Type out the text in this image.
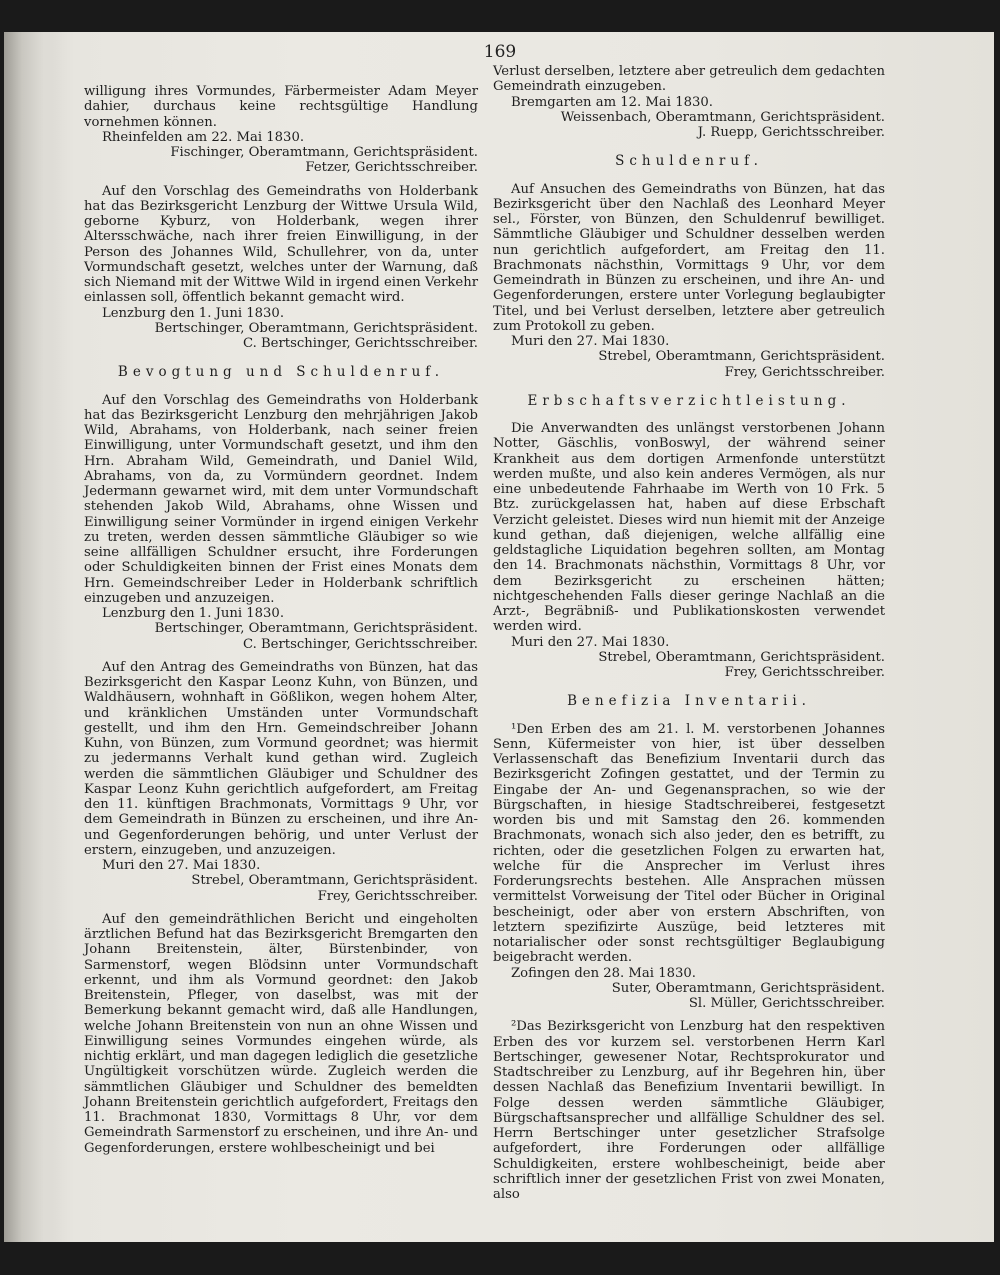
169

willigung ihres Vormundes, Färbermeister Adam Meyer dahier, durchaus keine rechtsgültige Handlung vornehmen können.

Rheinfelden am 22. Mai 1830.

Fischinger, Oberamtmann, Gerichtspräsident.

Fetzer, Gerichtsschreiber.

Auf den Vorschlag des Gemeindraths von Holderbank hat das Bezirksgericht Lenzburg der Wittwe Ursula Wild, geborne Kyburz, von Holderbank, wegen ihrer Altersschwäche, nach ihrer freien Einwilligung, in der Person des Johannes Wild, Schullehrer, von da, unter Vormundschaft gesetzt, welches unter der Warnung, daß sich Niemand mit der Wittwe Wild in irgend einen Verkehr einlassen soll, öffentlich bekannt gemacht wird.

Lenzburg den 1. Juni 1830.

Bertschinger, Oberamtmann, Gerichtspräsident.

C. Bertschinger, Gerichtsschreiber.

Bevogtung und Schuldenruf.

Auf den Vorschlag des Gemeindraths von Holderbank hat das Bezirksgericht Lenzburg den mehrjährigen Jakob Wild, Abrahams, von Holderbank, nach seiner freien Einwilligung, unter Vormundschaft gesetzt, und ihm den Hrn. Abraham Wild, Gemeindrath, und Daniel Wild, Abrahams, von da, zu Vormündern geordnet. Indem Jedermann gewarnet wird, mit dem unter Vormundschaft stehenden Jakob Wild, Abrahams, ohne Wissen und Einwilligung seiner Vormünder in irgend einigen Verkehr zu treten, werden dessen sämmtliche Gläubiger so wie seine allfälligen Schuldner ersucht, ihre Forderungen oder Schuldigkeiten binnen der Frist eines Monats dem Hrn. Gemeindschreiber Leder in Holderbank schriftlich einzugeben und anzuzeigen.

Lenzburg den 1. Juni 1830.

Bertschinger, Oberamtmann, Gerichtspräsident.

C. Bertschinger, Gerichtsschreiber.

Auf den Antrag des Gemeindraths von Bünzen, hat das Bezirksgericht den Kaspar Leonz Kuhn, von Bünzen, und Waldhäusern, wohnhaft in Gößlikon, wegen hohem Alter, und kränklichen Umständen unter Vormundschaft gestellt, und ihm den Hrn. Gemeindschreiber Johann Kuhn, von Bünzen, zum Vormund geordnet; was hiermit zu jedermanns Verhalt kund gethan wird. Zugleich werden die sämmtlichen Gläubiger und Schuldner des Kaspar Leonz Kuhn gerichtlich aufgefordert, am Freitag den 11. künftigen Brachmonats, Vormittags 9 Uhr, vor dem Gemeindrath in Bünzen zu erscheinen, und ihre An- und Gegenforderungen behörig, und unter Verlust der erstern, einzugeben, und anzuzeigen.

Muri den 27. Mai 1830.

Strebel, Oberamtmann, Gerichtspräsident.

Frey, Gerichtsschreiber.

Auf den gemeindräthlichen Bericht und eingeholten ärztlichen Befund hat das Bezirksgericht Bremgarten den Johann Breitenstein, älter, Bürstenbinder, von Sarmenstorf, wegen Blödsinn unter Vormundschaft erkennt, und ihm als Vormund geordnet: den Jakob Breitenstein, Pfleger, von daselbst, was mit der Bemerkung bekannt gemacht wird, daß alle Handlungen, welche Johann Breitenstein von nun an ohne Wissen und Einwilligung seines Vormundes eingehen würde, als nichtig erklärt, und man dagegen lediglich die gesetzliche Ungültigkeit vorschützen würde. Zugleich werden die sämmtlichen Gläubiger und Schuldner des bemeldten Johann Breitenstein gerichtlich aufgefordert, Freitags den 11. Brachmonat 1830, Vormittags 8 Uhr, vor dem Gemeindrath Sarmenstorf zu erscheinen, und ihre An- und Gegenforderungen, erstere wohlbescheinigt und bei

Verlust derselben, letztere aber getreulich dem gedachten Gemeindrath einzugeben.

Bremgarten am 12. Mai 1830.

Weissenbach, Oberamtmann, Gerichtspräsident.

J. Ruepp, Gerichtsschreiber.

Schuldenruf.

Auf Ansuchen des Gemeindraths von Bünzen, hat das Bezirksgericht über den Nachlaß des Leonhard Meyer sel., Förster, von Bünzen, den Schuldenruf bewilliget. Sämmtliche Gläubiger und Schuldner desselben werden nun gerichtlich aufgefordert, am Freitag den 11. Brachmonats nächsthin, Vormittags 9 Uhr, vor dem Gemeindrath in Bünzen zu erscheinen, und ihre An- und Gegenforderungen, erstere unter Vorlegung beglaubigter Titel, und bei Verlust derselben, letztere aber getreulich zum Protokoll zu geben.

Muri den 27. Mai 1830.

Strebel, Oberamtmann, Gerichtspräsident.

Frey, Gerichtsschreiber.

Erbschaftsverzichtleistung.

Die Anverwandten des unlängst verstorbenen Johann Notter, Gäschlis, vonBoswyl, der während seiner Krankheit aus dem dortigen Armenfonde unterstützt werden mußte, und also kein anderes Vermögen, als nur eine unbedeutende Fahrhaabe im Werth von 10 Frk. 5 Btz. zurückgelassen hat, haben auf diese Erbschaft Verzicht geleistet. Dieses wird nun hiemit mit der Anzeige kund gethan, daß diejenigen, welche allfällig eine geldstagliche Liquidation begehren sollten, am Montag den 14. Brachmonats nächsthin, Vormittags 8 Uhr, vor dem Bezirksgericht zu erscheinen hätten; nichtgeschehenden Falls dieser geringe Nachlaß an die Arzt-, Begräbniß- und Publikationskosten verwendet werden wird.

Muri den 27. Mai 1830.

Strebel, Oberamtmann, Gerichtspräsident.

Frey, Gerichtsschreiber.

Benefizia Inventarii.

¹Den Erben des am 21. l. M. verstorbenen Johannes Senn, Küfermeister von hier, ist über desselben Verlassenschaft das Benefizium Inventarii durch das Bezirksgericht Zofingen gestattet, und der Termin zu Eingabe der An- und Gegenansprachen, so wie der Bürgschaften, in hiesige Stadtschreiberei, festgesetzt worden bis und mit Samstag den 26. kommenden Brachmonats, wonach sich also jeder, den es betrifft, zu richten, oder die gesetzlichen Folgen zu erwarten hat, welche für die Ansprecher im Verlust ihres Forderungsrechts bestehen. Alle Ansprachen müssen vermittelst Vorweisung der Titel oder Bücher in Original bescheinigt, oder aber von erstern Abschriften, von letztern spezifizirte Auszüge, beid letzteres mit notarialischer oder sonst rechtsgültiger Beglaubigung beigebracht werden.

Zofingen den 28. Mai 1830.

Suter, Oberamtmann, Gerichtspräsident.

Sl. Müller, Gerichtsschreiber.

²Das Bezirksgericht von Lenzburg hat den respektiven Erben des vor kurzem sel. verstorbenen Herrn Karl Bertschinger, gewesener Notar, Rechtsprokurator und Stadtschreiber zu Lenzburg, auf ihr Begehren hin, über dessen Nachlaß das Benefizium Inventarii bewilligt. In Folge dessen werden sämmtliche Gläubiger, Bürgschaftsansprecher und allfällige Schuldner des sel. Herrn Bertschinger unter gesetzlicher Strafsolge aufgefordert, ihre Forderungen oder allfällige Schuldigkeiten, erstere wohlbescheinigt, beide aber schriftlich inner der gesetzlichen Frist von zwei Monaten, also
